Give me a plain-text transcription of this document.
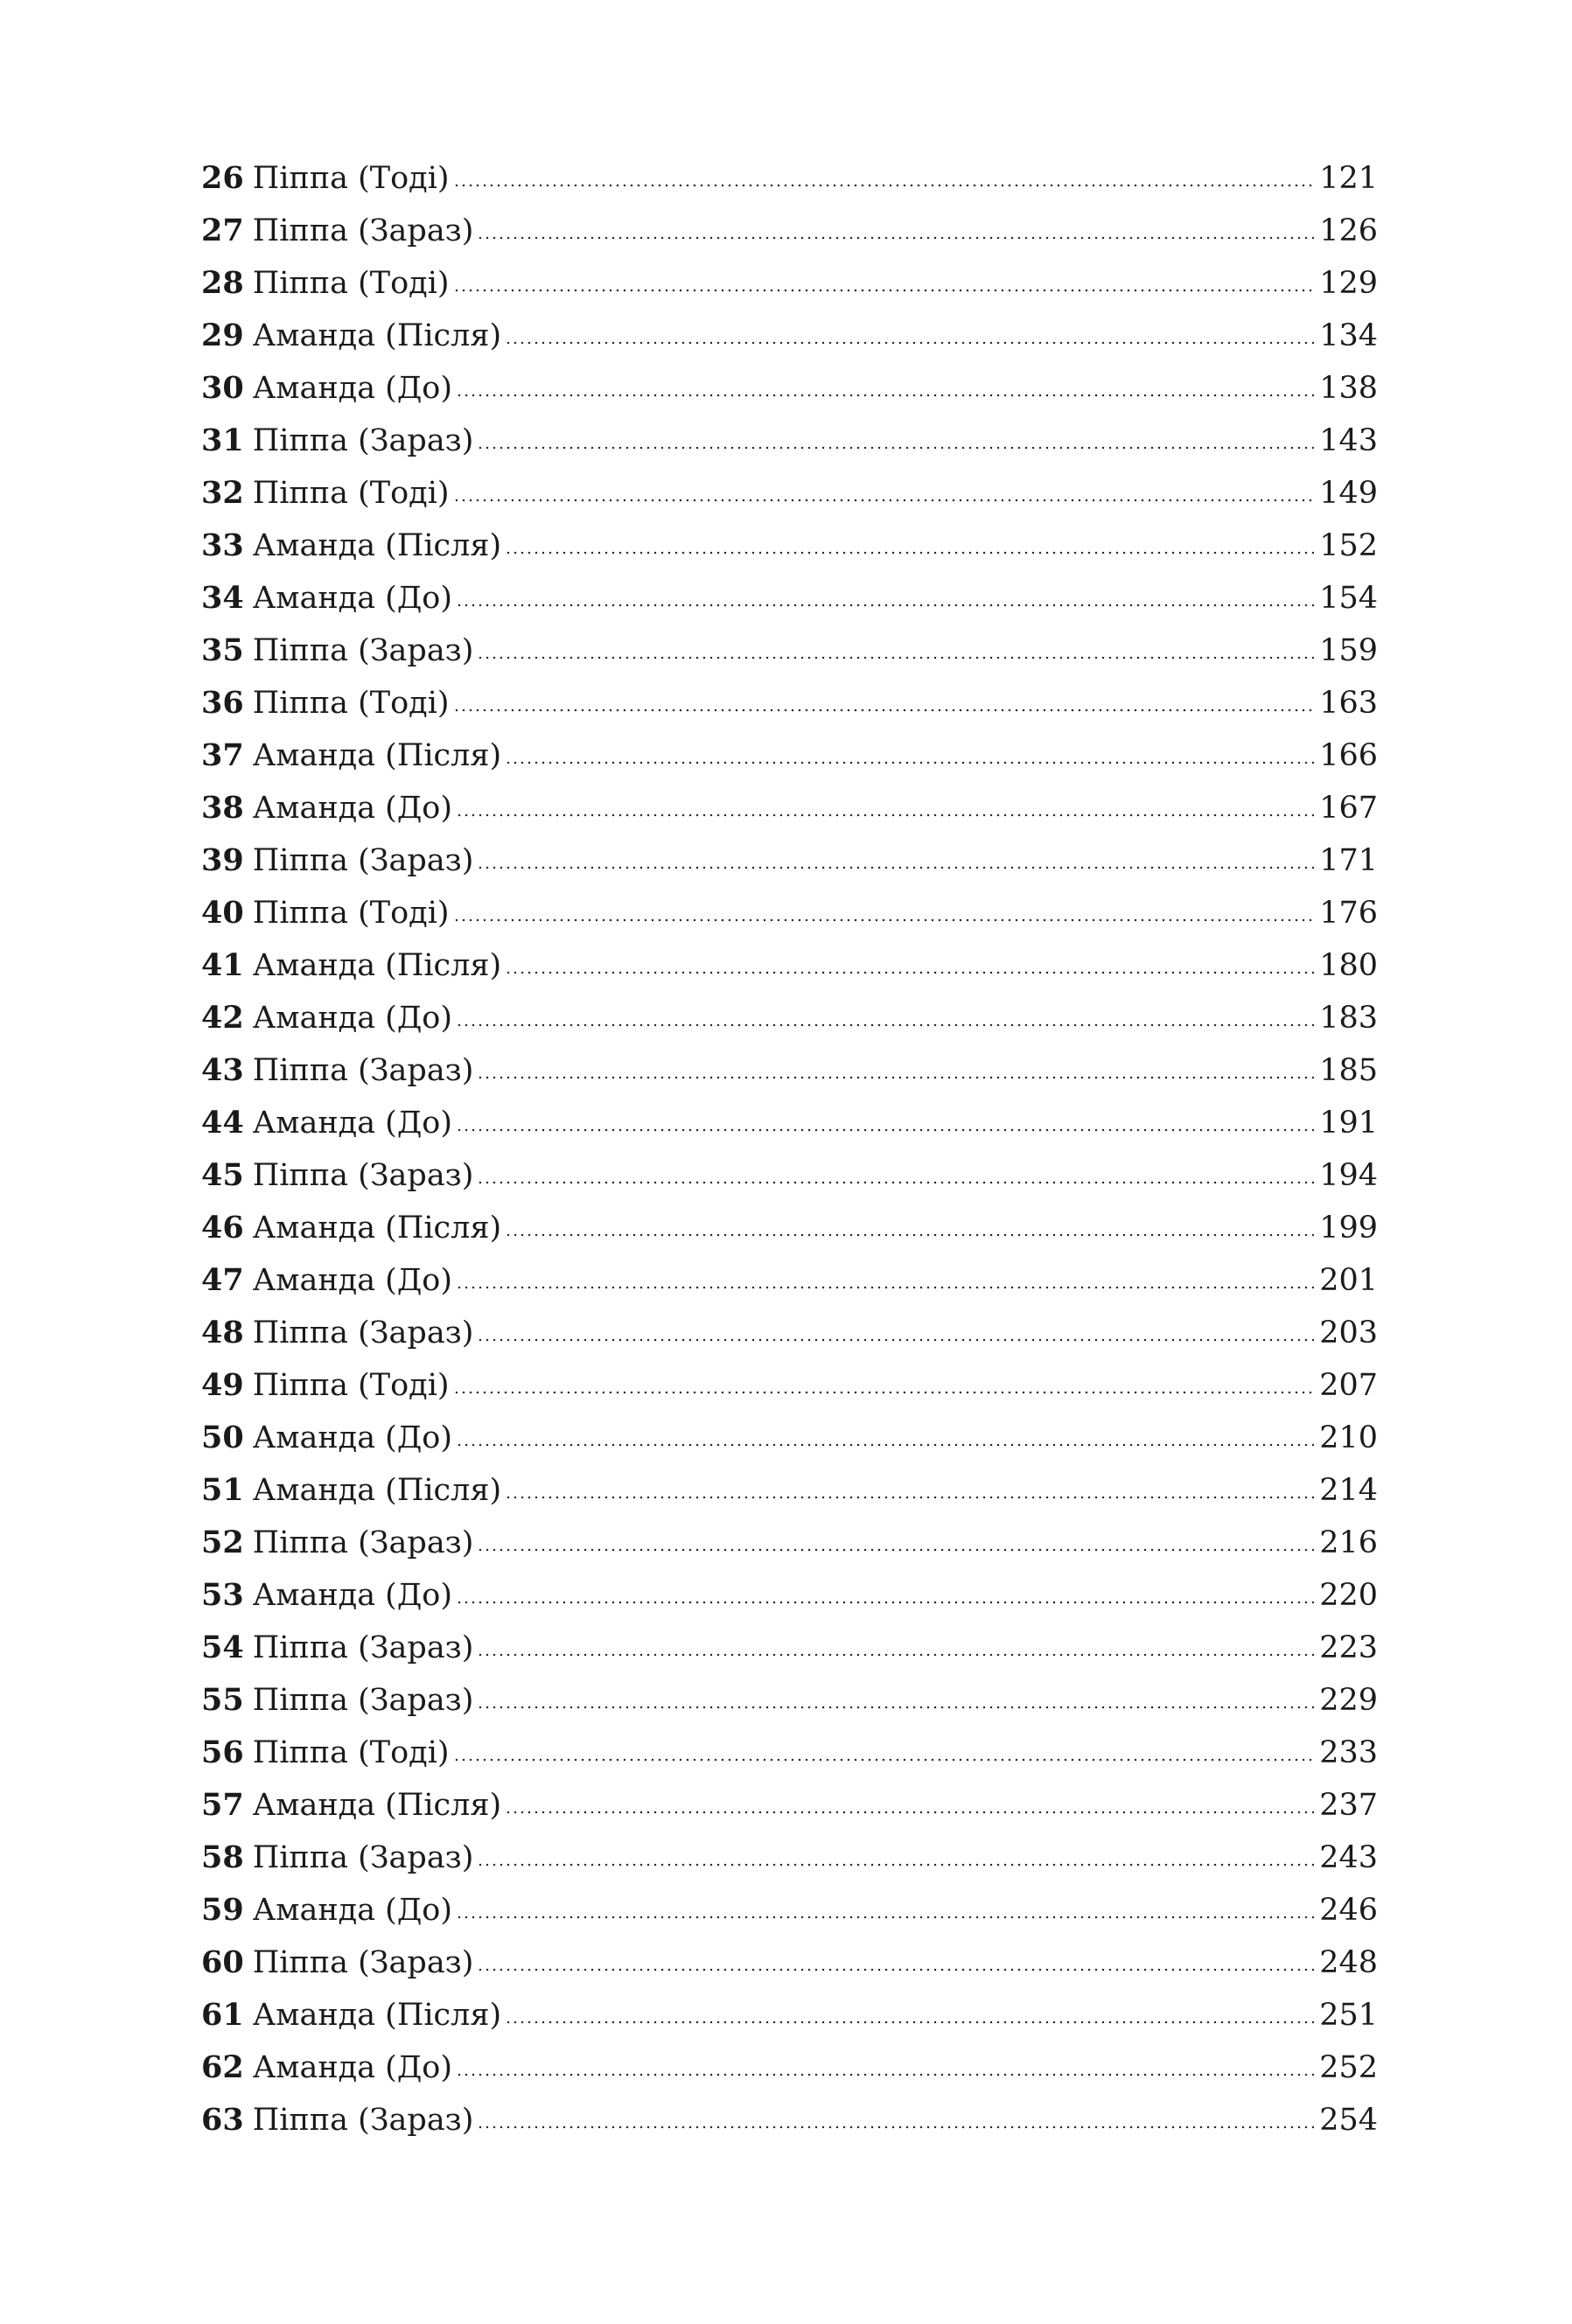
26 Піппа (Тоді)	121
27 Піппа (Зараз)	126
28 Піппа (Тоді)	129
29 Аманда (Після)	134
30 Аманда (До)	138
31 Піппа (Зараз)	143
32 Піппа (Тоді)	149
33 Аманда (Після)	152
34 Аманда (До)	154
35 Піппа (Зараз)	159
36 Піппа (Тоді)	163
37 Аманда (Після)	166
38 Аманда (До)	167
39 Піппа (Зараз)	171
40 Піппа (Тоді)	176
41 Аманда (Після)	180
42 Аманда (До)	183
43 Піппа (Зараз)	185
44 Аманда (До)	191
45 Піппа (Зараз)	194
46 Аманда (Після)	199
47 Аманда (До)	201
48 Піппа (Зараз)	203
49 Піппа (Тоді)	207
50 Аманда (До)	210
51 Аманда (Після)	214
52 Піппа (Зараз)	216
53 Аманда (До)	220
54 Піппа (Зараз)	223
55 Піппа (Зараз)	229
56 Піппа (Тоді)	233
57 Аманда (Після)	237
58 Піппа (Зараз)	243
59 Аманда (До)	246
60 Піппа (Зараз)	248
61 Аманда (Після)	251
62 Аманда (До)	252
63 Піппа (Зараз)	254
